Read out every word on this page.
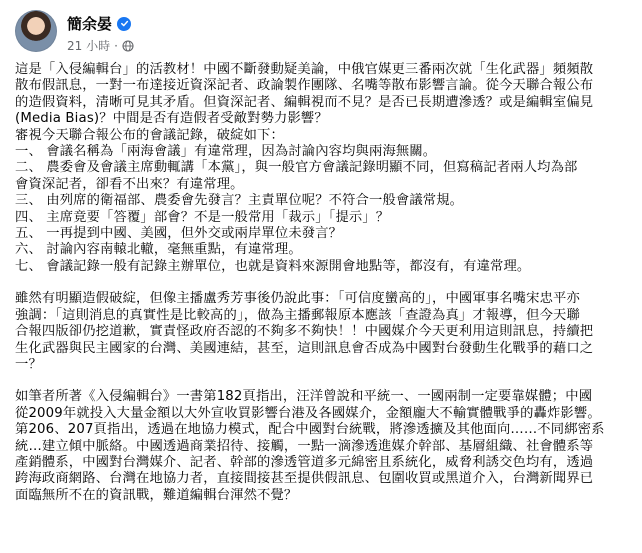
簡余晏
21 小時 ·

這是「入侵編輯台」的活教材！中國不斷發動疑美論，中俄官媒更三番兩次就「生化武器」頻頻散

散布假訊息，一對一布達接近資深記者、政論製作團隊、名嘴等散布影響言論。從今天聯合報公布

的造假資料，清晰可見其矛盾。但資深記者、編輯視而不見？是否已長期遭滲透？或是編輯室偏見

(Media Bias)？中間是否有造假者受敵對勢力影響？

審視今天聯合報公布的會議記錄，破綻如下：

一、 會議名稱為「兩海會議」有違常理，因為討論內容均與兩海無關。

二、 農委會及會議主席動輒講「本黨」，與一般官方會議記錄明顯不同，但寫稿記者兩人均為部

會資深記者，卻看不出來？有違常理。

三、 由列席的衛福部、農委會先發言？主責單位呢？不符合一般會議常規。

四、 主席竟要「答覆」部會？不是一般常用「裁示」「提示」？

五、 一再提到中國、美國，但外交或兩岸單位未發言？

六、 討論內容南轅北轍，毫無重點，有違常理。

七、 會議記錄一般有記錄主辦單位，也就是資料來源開會地點等，都沒有，有違常理。

雖然有明顯造假破綻，但像主播盧秀芳事後仍說此事：「可信度蠻高的」，中國軍事名嘴宋忠平亦

強調：「這則消息的真實性是比較高的」，做為主播郵報原本應該「查證為真」才報導，但今天聯

合報四版卻仍挖道歉，實責怪政府否認的不夠多不夠快！！中國媒介今天更利用這則訊息，持續把

生化武器與民主國家的台灣、美國連結，甚至，這則訊息會否成為中國對台發動生化戰爭的藉口之

一？

如筆者所著《入侵編輯台》一書第182頁指出，汪洋曾說和平統一、一國兩制一定要靠媒體；中國

從2009年就投入大量金額以大外宣收買影響台港及各國媒介，金額龐大不輸實體戰爭的轟炸影響。

第206、207頁指出，透過在地協力模式，配合中國對台統戰，將滲透擴及其他面向……不同綁密系

統…建立傾中脈絡。中國透過商業招待、接觸，一點一滴滲透進媒介幹部、基層組織、社會體系等

產銷體系，中國對台灣媒介、記者、幹部的滲透管道多元綿密且系統化，威脅利誘交色均有，透過

跨海政商網路、台灣在地協力者，直接間接甚至提供假訊息、包圍收買或黑道介入，台灣新聞界已

面臨無所不在的資訊戰，難道編輯台渾然不覺？
